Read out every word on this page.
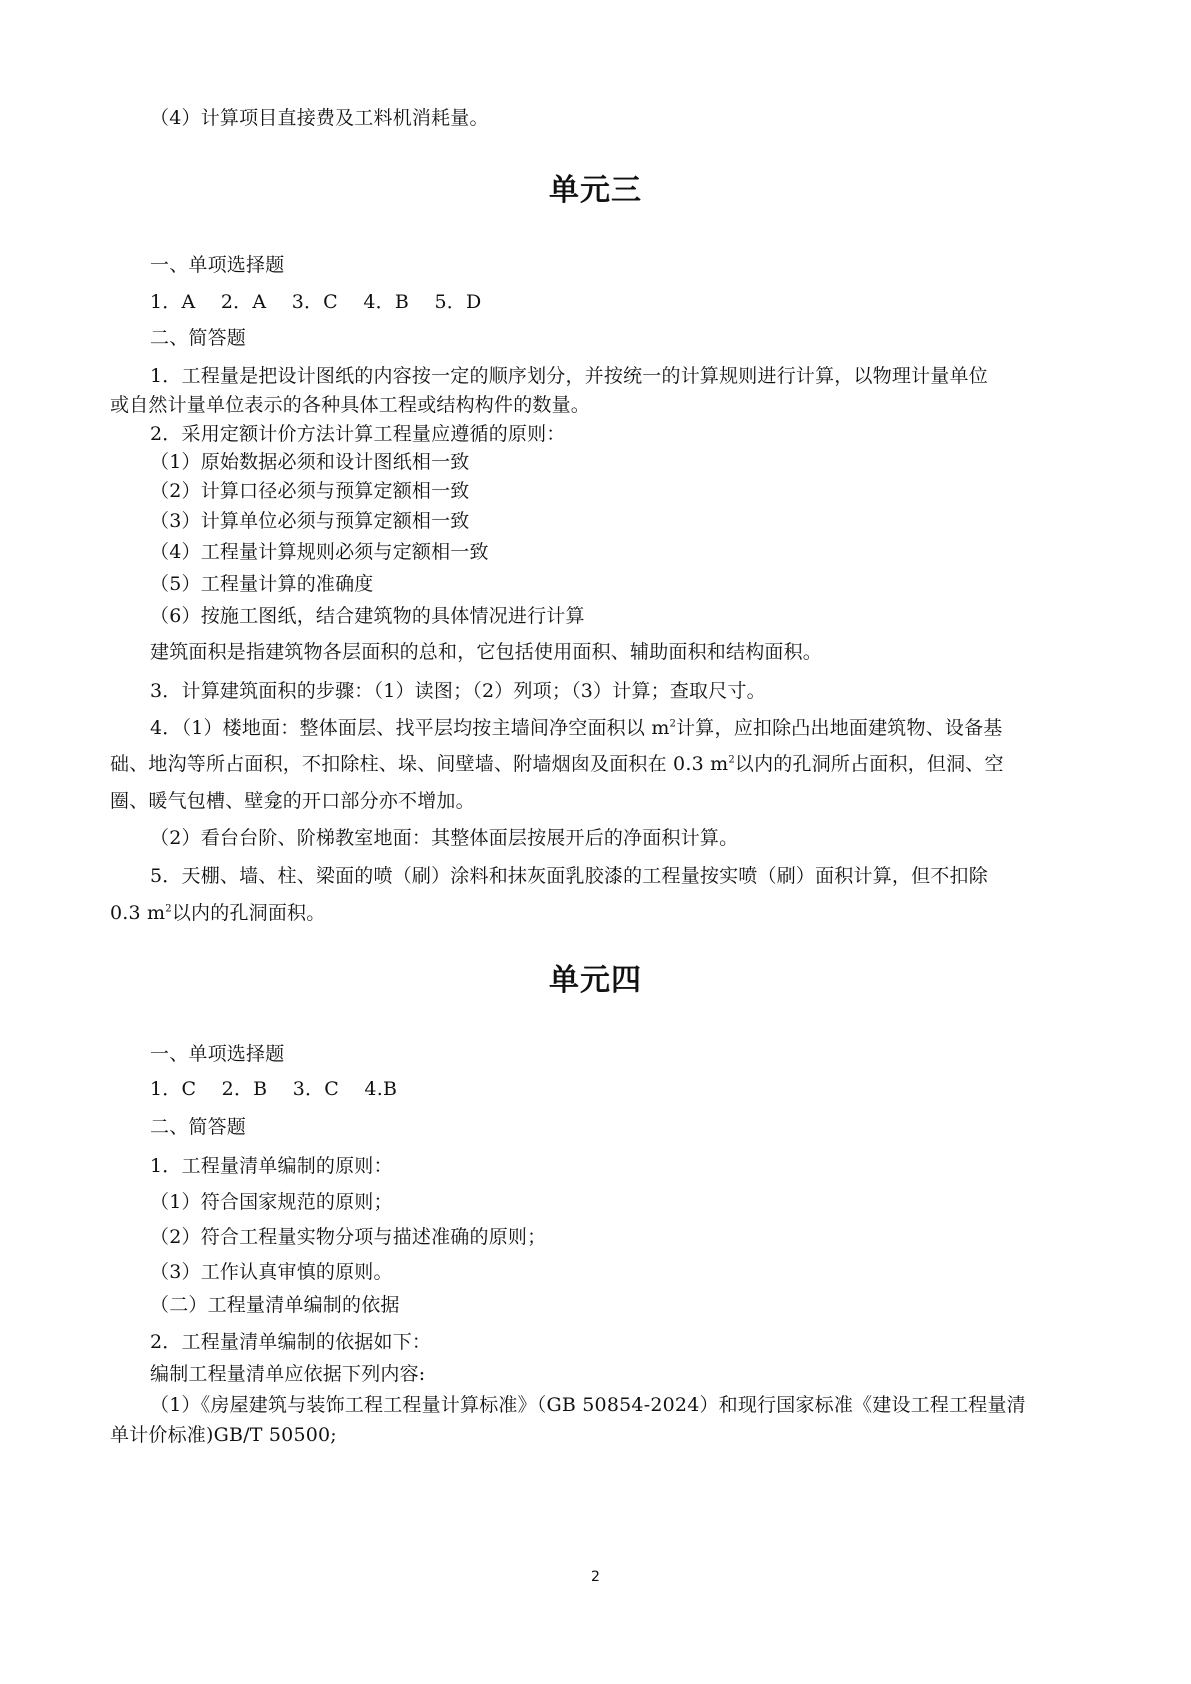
（4）计算项目直接费及工料机消耗量。
单元三
一、单项选择题
1．A　 2．A　 3．C　 4．B　 5．D
二、简答题
1．工程量是把设计图纸的内容按一定的顺序划分，并按统一的计算规则进行计算，以物理计量单位
或自然计量单位表示的各种具体工程或结构构件的数量。
2．采用定额计价方法计算工程量应遵循的原则：
（1）原始数据必须和设计图纸相一致
（2）计算口径必须与预算定额相一致
（3）计算单位必须与预算定额相一致
（4）工程量计算规则必须与定额相一致
（5）工程量计算的准确度
（6）按施工图纸，结合建筑物的具体情况进行计算
建筑面积是指建筑物各层面积的总和，它包括使用面积、辅助面积和结构面积。
3．计算建筑面积的步骤：（1）读图；（2）列项；（3）计算；查取尺寸。
4．（1）楼地面：整体面层、找平层均按主墙间净空面积以 $m^2$计算，应扣除凸出地面建筑物、设备基
础、地沟等所占面积，不扣除柱、垛、间壁墙、附墙烟囱及面积在 0.3 $m^2$以内的孔洞所占面积，但洞、空
圈、暖气包槽、壁龛的开口部分亦不增加。
（2）看台台阶、阶梯教室地面：其整体面层按展开后的净面积计算。
5．天棚、墙、柱、梁面的喷（刷）涂料和抹灰面乳胶漆的工程量按实喷（刷）面积计算，但不扣除
0.3 $m^2$以内的孔洞面积。
单元四
一、单项选择题
1．C　 2．B　 3．C　 4.B
二、简答题
1．工程量清单编制的原则：
（1）符合国家规范的原则；
（2）符合工程量实物分项与描述准确的原则；
（3）工作认真审慎的原则。
（二）工程量清单编制的依据
2．工程量清单编制的依据如下：
编制工程量清单应依据下列内容:
（1）《房屋建筑与装饰工程工程量计算标准》（GB 50854-2024）和现行国家标准《建设工程工程量清
单计价标准)GB/T 50500;
2
